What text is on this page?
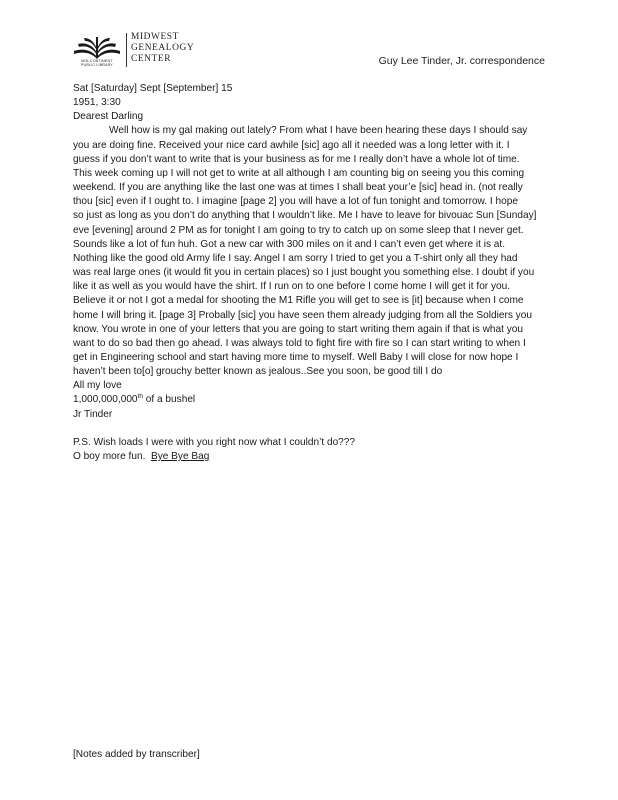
MID-CONTINENT
PUBLIC LIBRARY
MIDWEST
GENEALOGY
CENTER	Guy Lee Tinder, Jr. correspondence
Sat [Saturday] Sept [September] 15
1951, 3:30
Dearest Darling
Well how is my gal making out lately? From what I have been hearing these days I should say
you are doing fine. Received your nice card awhile [sic] ago all it needed was a long letter with it. I
guess if you don’t want to write that is your business as for me I really don’t have a whole lot of time.
This week coming up I will not get to write at all although I am counting big on seeing you this coming
weekend. If you are anything like the last one was at times I shall beat your’e [sic] head in. (not really
thou [sic] even if I ought to. I imagine [page 2] you will have a lot of fun tonight and tomorrow. I hope
so just as long as you don’t do anything that I wouldn’t like. Me I have to leave for bivouac Sun [Sunday]
eve [evening] around 2 PM as for tonight I am going to try to catch up on some sleep that I never get.
Sounds like a lot of fun huh. Got a new car with 300 miles on it and I can’t even get where it is at.
Nothing like the good old Army life I say. Angel I am sorry I tried to get you a T-shirt only all they had
was real large ones (it would fit you in certain places) so I just bought you something else. I doubt if you
like it as well as you would have the shirt. If I run on to one before I come home I will get it for you.
Believe it or not I got a medal for shooting the M1 Rifle you will get to see is [it] because when I come
home I will bring it. [page 3] Probally [sic] you have seen them already judging from all the Soldiers you
know. You wrote in one of your letters that you are going to start writing them again if that is what you
want to do so bad then go ahead. I was always told to fight fire with fire so I can start writing to when I
get in Engineering school and start having more time to myself. Well Baby I will close for now hope I
haven’t been to[o] grouchy better known as jealous..See you soon, be good till I do
All my love
1,000,000,000th of a bushel
Jr Tinder
P.S. Wish loads I were with you right now what I couldn’t do???
O boy more fun.  Bye Bye Bag
[Notes added by transcriber]
